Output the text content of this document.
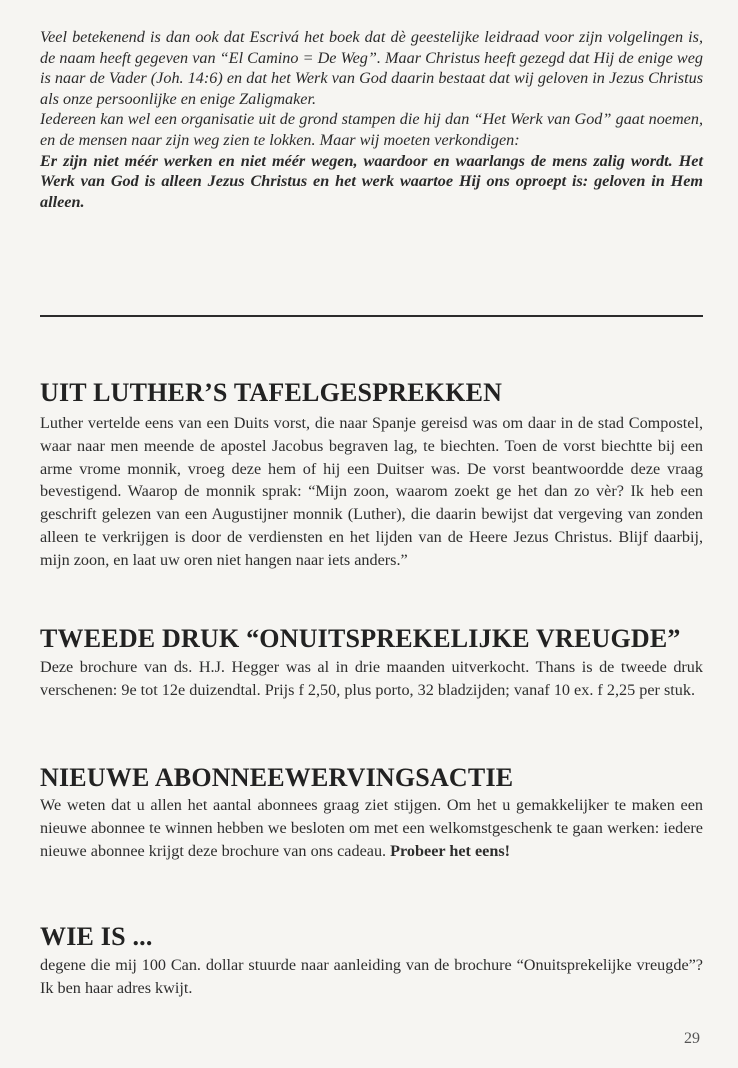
Veel betekenend is dan ook dat Escrivá het boek dat dè geestelijke leidraad voor zijn volgelingen is, de naam heeft gegeven van “El Camino = De Weg”. Maar Christus heeft gezegd dat Hij de enige weg is naar de Vader (Joh. 14:6) en dat het Werk van God daarin bestaat dat wij geloven in Jezus Christus als onze persoonlijke en enige Zaligmaker.

Iedereen kan wel een organisatie uit de grond stampen die hij dan “Het Werk van God” gaat noemen, en de mensen naar zijn weg zien te lokken. Maar wij moeten verkondigen:

Er zijn niet méér werken en niet méér wegen, waardoor en waarlangs de mens zalig wordt. Het Werk van God is alleen Jezus Christus en het werk waartoe Hij ons oproept is: geloven in Hem alleen.

UIT LUTHER’S TAFELGESPREKKEN

Luther vertelde eens van een Duits vorst, die naar Spanje gereisd was om daar in de stad Compostel, waar naar men meende de apostel Jacobus begraven lag, te biechten. Toen de vorst biechtte bij een arme vrome monnik, vroeg deze hem of hij een Duitser was. De vorst beantwoordde deze vraag bevestigend. Waarop de monnik sprak: “Mijn zoon, waarom zoekt ge het dan zo vèr? Ik heb een geschrift gelezen van een Augustijner monnik (Luther), die daarin bewijst dat vergeving van zonden alleen te verkrijgen is door de verdiensten en het lijden van de Heere Jezus Christus. Blijf daarbij, mijn zoon, en laat uw oren niet hangen naar iets anders.”

TWEEDE DRUK “ONUITSPREKELIJKE VREUGDE”

Deze brochure van ds. H.J. Hegger was al in drie maanden uitverkocht. Thans is de tweede druk verschenen: 9e tot 12e duizendtal. Prijs f 2,50, plus porto, 32 bladzijden; vanaf 10 ex. f 2,25 per stuk.

NIEUWE ABONNEEWERVINGSACTIE

We weten dat u allen het aantal abonnees graag ziet stijgen. Om het u gemakkelijker te maken een nieuwe abonnee te winnen hebben we besloten om met een welkomstgeschenk te gaan werken: iedere nieuwe abonnee krijgt deze brochure van ons cadeau. Probeer het eens!

WIE IS ...

degene die mij 100 Can. dollar stuurde naar aanleiding van de brochure “Onuitsprekelijke vreugde”? Ik ben haar adres kwijt.

29
